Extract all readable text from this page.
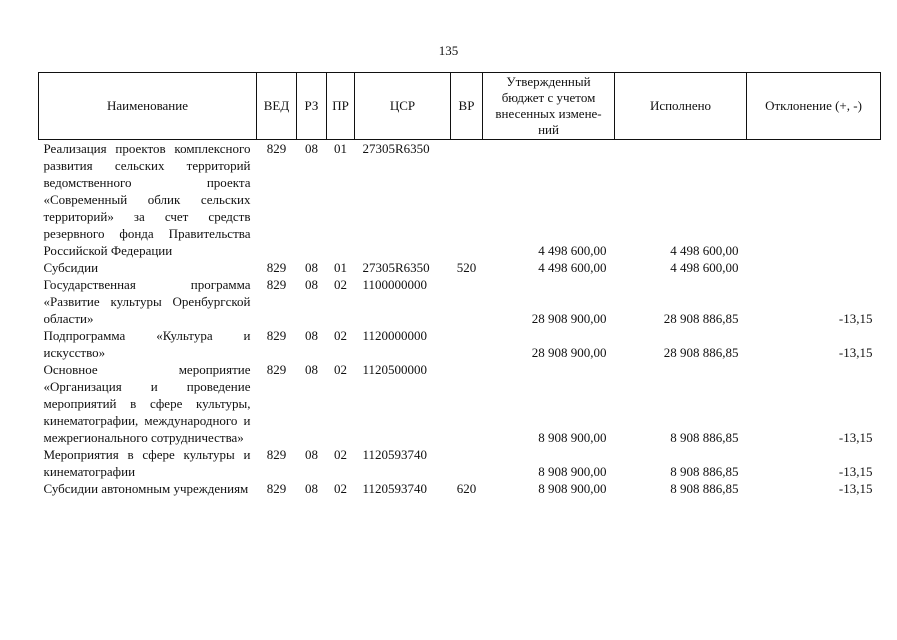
135
Наименование	ВЕД	РЗ	ПР	ЦСР	ВР	Утвержденный бюджет с учетом внесенных измене-ний	Исполнено	Отклонение (+, -)
Реализация проектов комплексного развития сельских территорий ведомственного проекта «Современный облик сельских территорий» за счет средств резервного фонда Правительства Российской Федерации	829	08	01	27305R6350		4 498 600,00	4 498 600,00	
Субсидии	829	08	01	27305R6350	520	4 498 600,00	4 498 600,00	
Государственная программа «Развитие культуры Оренбургской области»	829	08	02	1100000000		28 908 900,00	28 908 886,85	-13,15
Подпрограмма «Культура и искусство»	829	08	02	1120000000		28 908 900,00	28 908 886,85	-13,15
Основное мероприятие «Организация и проведение мероприятий в сфере культуры, кинематографии, международного и межрегионального сотрудничества»	829	08	02	1120500000		8 908 900,00	8 908 886,85	-13,15
Мероприятия в сфере культуры и кинематографии	829	08	02	1120593740		8 908 900,00	8 908 886,85	-13,15
Субсидии автономным учреждениям	829	08	02	1120593740	620	8 908 900,00	8 908 886,85	-13,15
